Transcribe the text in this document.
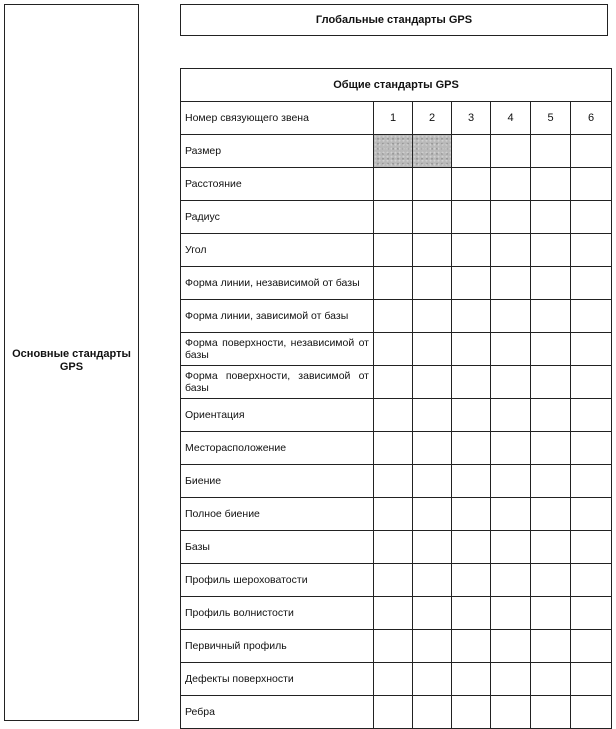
Основные стандарты GPS
Глобальные стандарты GPS
Общие стандарты GPS						
Номер связующего звена	1	2	3	4	5	6
Размер						
Расстояние						
Радиус						
Угол						
Форма линии, независимой от базы						
Форма линии, зависимой от базы						
Форма поверхности, независимой от базы						
Форма поверхности, зависимой от базы						
Ориентация						
Месторасположение						
Биение						
Полное биение						
Базы						
Профиль шероховатости						
Профиль волнистости						
Первичный профиль						
Дефекты поверхности						
Ребра						
